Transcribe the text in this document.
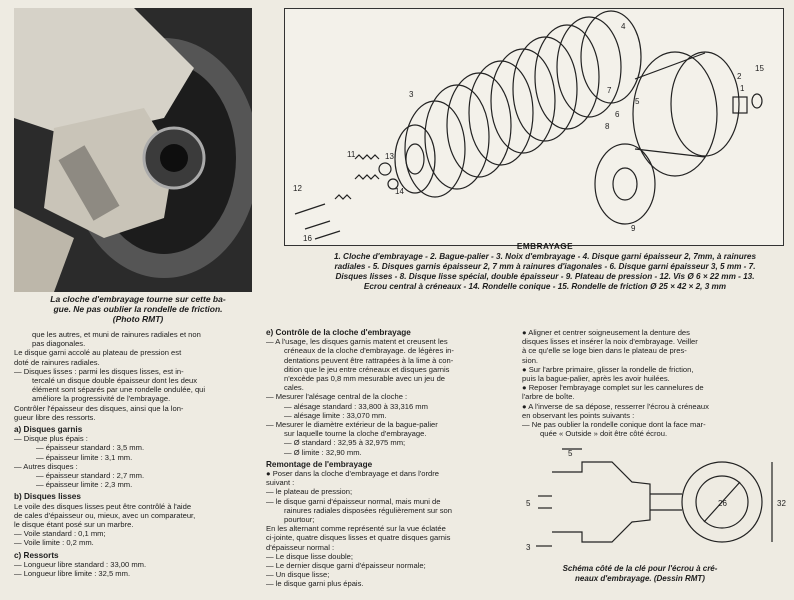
La cloche d'embrayage tourne sur cette ba-
gue. Ne pas oublier la rondelle de friction.
(Photo RMT)
1
2
3
4
5
6
7
8
9
11
12
13
14
15
16
EMBRAYAGE
1. Cloche d'embrayage - 2. Bague-palier - 3. Noix d'embrayage - 4. Disque garni épaisseur 2, 7mm, à rainures radiales - 5. Disques garnis épaisseur 2, 7 mm à rainures d'iagonales - 6. Disque garni épaisseur 3, 5 mm - 7. Disques lisses - 8. Disque lisse spécial, double épaisseur - 9. Plateau de pression - 12. Vis Ø 6 × 22 mm - 13. Ecrou central à créneaux - 14. Rondelle conique - 15. Rondelle de friction Ø 25 × 42 × 2, 3 mm

que les autres, et muni de rainures radiales et non

pas diagonales.

Le disque garni accolé au plateau de pression est

doté de rainures radiales.

— Disques lisses : parmi les disques lisses, est in-

tercalé un disque double épaisseur dont les deux

élément sont séparés par une rondelle ondulée, qui

améliore la progressivité de l'embrayage.

Contrôler l'épaisseur des disques, ainsi que la lon-

gueur libre des ressorts.

a) Disques garnis

— Disque plus épais :

— épaisseur standard : 3,5 mm.

— épaisseur limite : 3,1 mm.

— Autres disques :

— épaisseur standard : 2,7 mm.

— épaisseur limite : 2,3 mm.

b) Disques lisses

Le voile des disques lisses peut être contrôlé à l'aide

de cales d'épaisseur ou, mieux, avec un comparateur,

le disque étant posé sur un marbre.

— Voile standard : 0,1 mm;

— Voile limite : 0,2 mm.

c) Ressorts

— Longueur libre standard : 33,00 mm.

— Longueur libre limite : 32,5 mm.

e) Contrôle de la cloche d'embrayage

— A l'usage, les disques garnis matent et creusent les

créneaux de la cloche d'embrayage. de légères in-

dentations peuvent être rattrapées à la lime à con-

dition que le jeu entre créneaux et disques garnis

n'excède pas 0,8 mm mesurable avec un jeu de

cales.

— Mesurer l'alésage central de la cloche :

— alésage standard : 33,800 à 33,316 mm

— alésage limite : 33,070 mm.

— Mesurer le diamètre extérieur de la bague-palier

sur laquelle tourne la cloche d'embrayage.

— Ø standard : 32,95 à 32,975 mm;

— Ø limite : 32,90 mm.

Remontage de l'embrayage

● Poser dans la cloche d'embrayage et dans l'ordre

suivant :

— le plateau de pression;

— le disque garni d'épaisseur normal, mais muni de

rainures radiales disposées régulièrement sur son

pourtour;

En les alternant comme représenté sur la vue éclatée

ci-jointe, quatre disques lisses et quatre disques garnis

d'épaisseur normal :

— Le disque lisse double;

— Le dernier disque garni d'épaisseur normale;

— Un disque lisse;

— le disque garni plus épais.

● Aligner et centrer soigneusement la denture des

disques lisses et insérer la noix d'embrayage. Veiller

à ce qu'elle se loge bien dans le plateau de pres-

sion.

● Sur l'arbre primaire, glisser la rondelle de friction,

puis la bague-palier, après les avoir huilées.

● Reposer l'embrayage complet sur les cannelures de

l'arbre de boîte.

● A l'inverse de sa dépose, resserrer l'écrou à créneaux

en observant les points suivants :

— Ne pas oublier la rondelle conique dont la face mar-

quée « Outside » doit être côté écrou.

5
5
3
26	32
Schéma côté de la clé pour l'écrou à cré-
neaux d'embrayage. (Dessin RMT)
